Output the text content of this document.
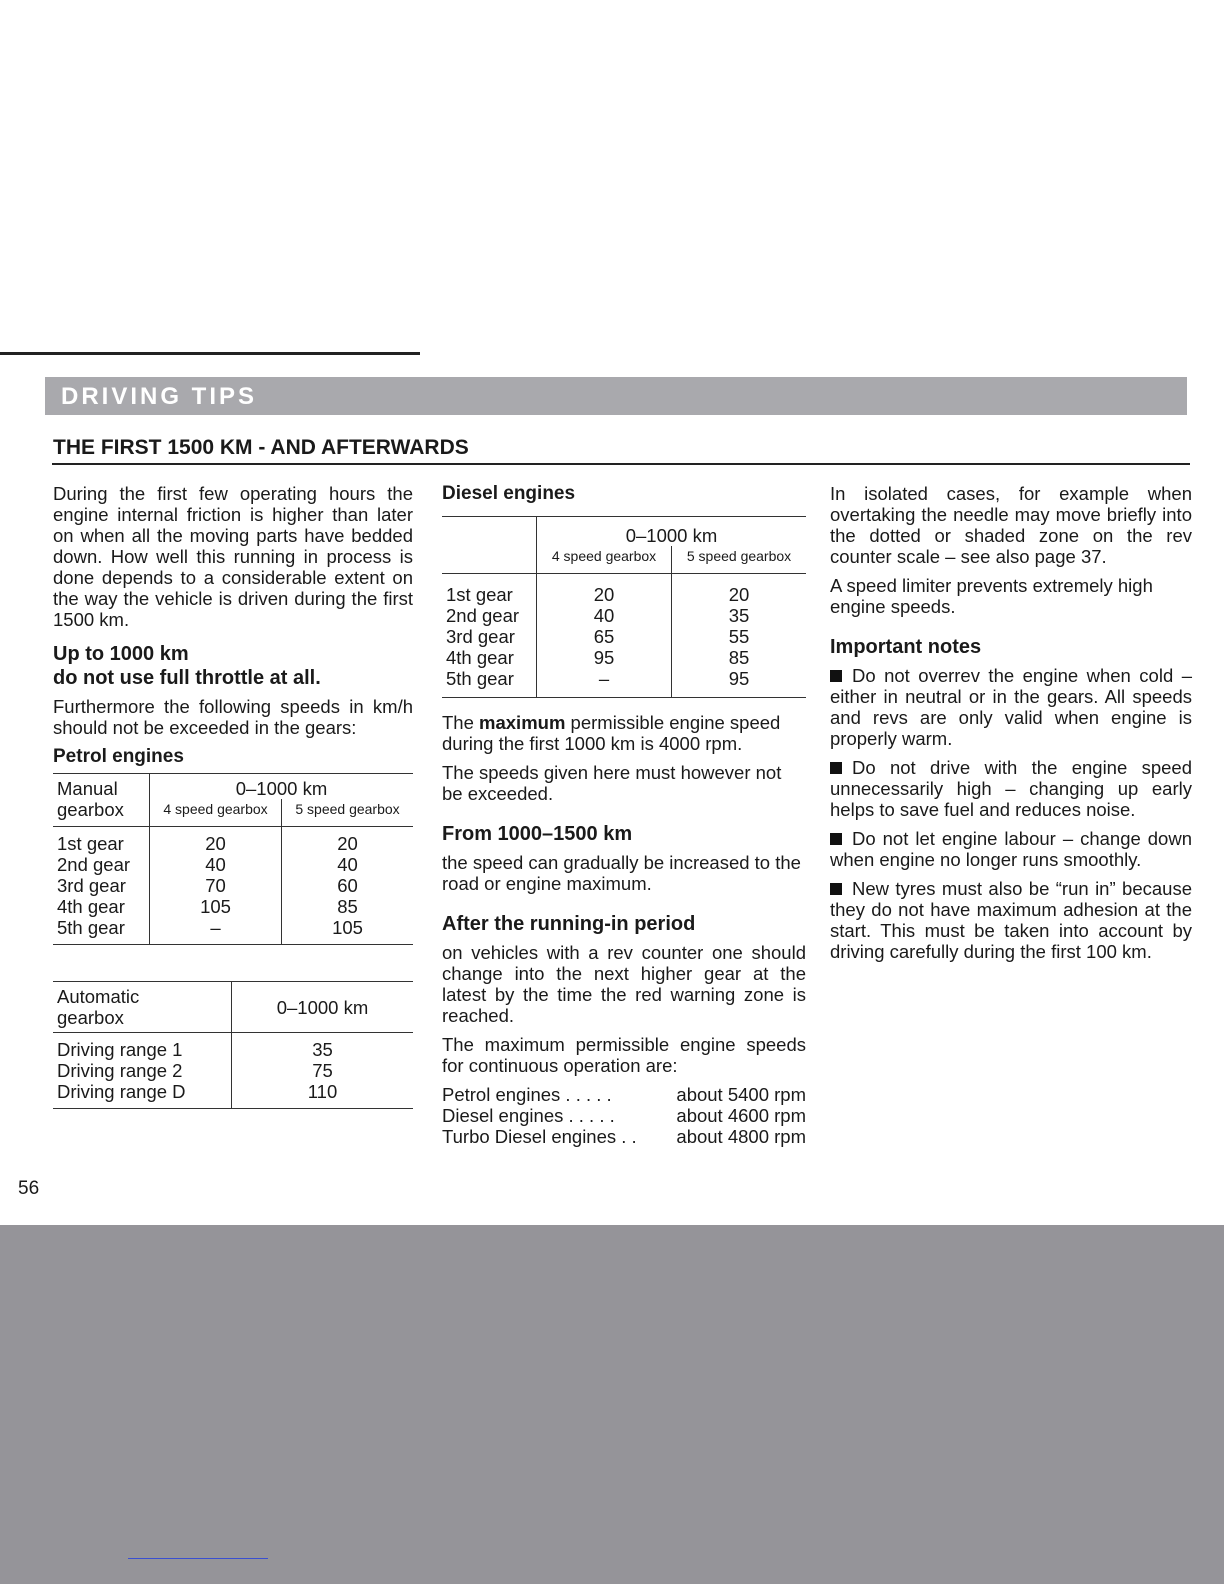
DRIVING TIPS
THE FIRST 1500 KM - AND AFTERWARDS

During the first few operating hours the engine internal friction is higher than later on when all the moving parts have bedded down. How well this running in process is done depends to a considerable extent on the way the vehicle is driven during the first 1500 km.

Up to 1000 km
do not use full throttle at all.

Furthermore the following speeds in km/h should not be exceeded in the gears:

Petrol engines
Manual
gearbox	0–1000 km	
	4 speed gearbox	5 speed gearbox
1st gear	20	20
2nd gear	40	40
3rd gear	70	60
4th gear	105	85
5th gear	–	105
Automatic
gearbox	0–1000 km
Driving range 1	35
Driving range 2	75
Driving range D	110
Diesel engines
	0–1000 km	
	4 speed gearbox	5 speed gearbox
1st gear	20	20
2nd gear	40	35
3rd gear	65	55
4th gear	95	85
5th gear	–	95

The maximum permissible engine speed during the first 1000 km is 4000 rpm.

The speeds given here must however not be exceeded.

From 1000–1500 km

the speed can gradually be increased to the road or engine maximum.

After the running-in period

on vehicles with a rev counter one should change into the next higher gear at the latest by the time the red warning zone is reached.

The maximum permissible engine speeds for continuous operation are:

Petrol engines . . . . .	about 5400 rpm
Diesel engines . . . . .	about 4600 rpm
Turbo Diesel engines . . about 4800 rpm

In isolated cases, for example when overtaking the needle may move briefly into the dotted or shaded zone on the rev counter scale – see also page 37.

A speed limiter prevents extremely high engine speeds.

Important notes

Do not overrev the engine when cold – either in neutral or in the gears. All speeds and revs are only valid when engine is properly warm.

Do not drive with the engine speed unnecessarily high – changing up early helps to save fuel and reduces noise.

Do not let engine labour – change down when engine no longer runs smoothly.

New tyres must also be “run in” because they do not have maximum adhesion at the start. This must be taken into account by driving carefully during the first 100 km.

56
